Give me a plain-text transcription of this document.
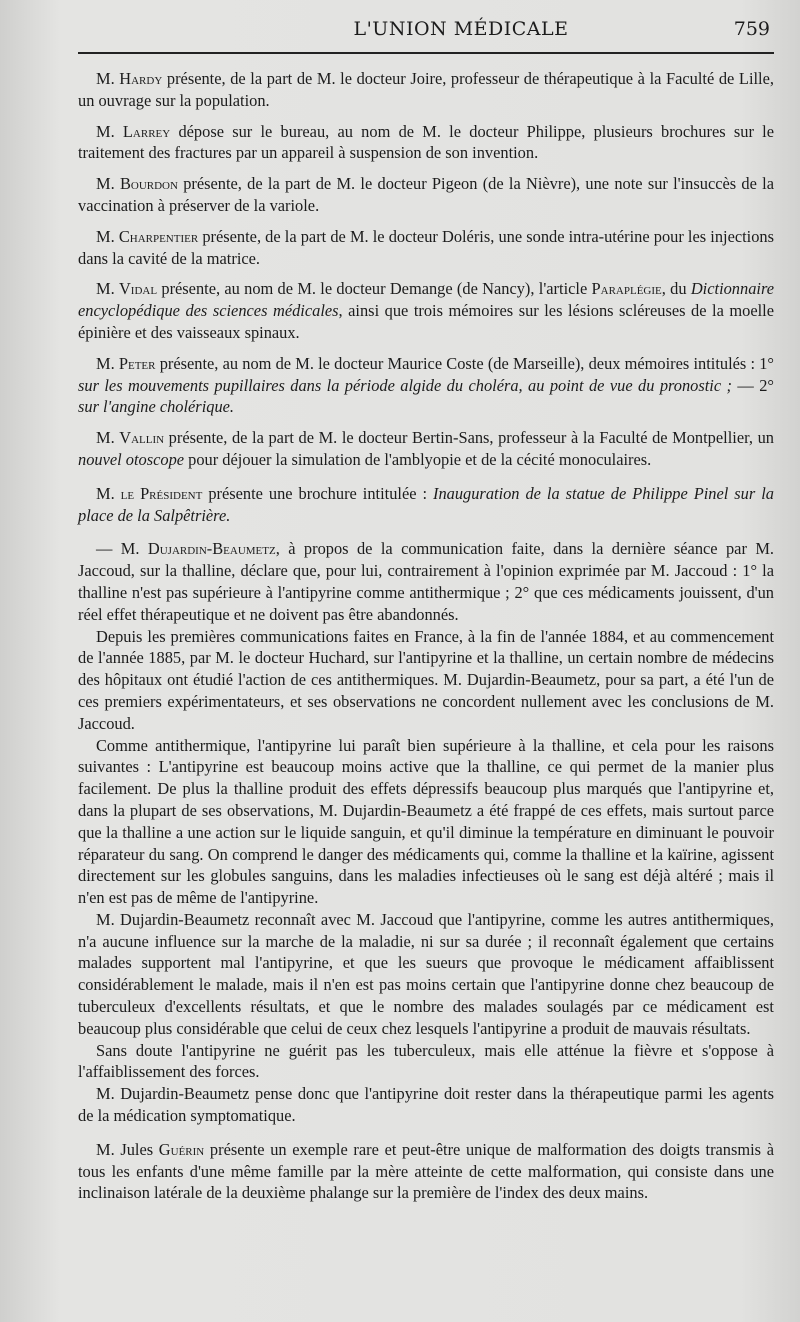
L'UNION MÉDICALE	759

M. Hardy présente, de la part de M. le docteur Joire, professeur de thérapeutique à la Faculté de Lille, un ouvrage sur la population.

M. Larrey dépose sur le bureau, au nom de M. le docteur Philippe, plusieurs brochures sur le traitement des fractures par un appareil à suspension de son invention.

M. Bourdon présente, de la part de M. le docteur Pigeon (de la Nièvre), une note sur l'insuccès de la vaccination à préserver de la variole.

M. Charpentier présente, de la part de M. le docteur Doléris, une sonde intra-utérine pour les injections dans la cavité de la matrice.

M. Vidal présente, au nom de M. le docteur Demange (de Nancy), l'article Paraplégie, du Dictionnaire encyclopédique des sciences médicales, ainsi que trois mémoires sur les lésions scléreuses de la moelle épinière et des vaisseaux spinaux.

M. Peter présente, au nom de M. le docteur Maurice Coste (de Marseille), deux mémoires intitulés : 1° sur les mouvements pupillaires dans la période algide du choléra, au point de vue du pronostic ; — 2° sur l'angine cholérique.

M. Vallin présente, de la part de M. le docteur Bertin-Sans, professeur à la Faculté de Montpellier, un nouvel otoscope pour déjouer la simulation de l'amblyopie et de la cécité monoculaires.

M. le Président présente une brochure intitulée : Inauguration de la statue de Philippe Pinel sur la place de la Salpêtrière.

— M. Dujardin-Beaumetz, à propos de la communication faite, dans la dernière séance par M. Jaccoud, sur la thalline, déclare que, pour lui, contrairement à l'opinion exprimée par M. Jaccoud : 1° la thalline n'est pas supérieure à l'antipyrine comme antithermique ; 2° que ces médicaments jouissent, d'un réel effet thérapeutique et ne doivent pas être abandonnés.

Depuis les premières communications faites en France, à la fin de l'année 1884, et au commencement de l'année 1885, par M. le docteur Huchard, sur l'antipyrine et la thalline, un certain nombre de médecins des hôpitaux ont étudié l'action de ces antithermiques. M. Dujardin-Beaumetz, pour sa part, a été l'un de ces premiers expérimentateurs, et ses observations ne concordent nullement avec les conclusions de M. Jaccoud.

Comme antithermique, l'antipyrine lui paraît bien supérieure à la thalline, et cela pour les raisons suivantes : L'antipyrine est beaucoup moins active que la thalline, ce qui permet de la manier plus facilement. De plus la thalline produit des effets dépressifs beaucoup plus marqués que l'antipyrine et, dans la plupart de ses observations, M. Dujardin-Beaumetz a été frappé de ces effets, mais surtout parce que la thalline a une action sur le liquide sanguin, et qu'il diminue la température en diminuant le pouvoir réparateur du sang. On comprend le danger des médicaments qui, comme la thalline et la kaïrine, agissent directement sur les globules sanguins, dans les maladies infectieuses où le sang est déjà altéré ; mais il n'en est pas de même de l'antipyrine.

M. Dujardin-Beaumetz reconnaît avec M. Jaccoud que l'antipyrine, comme les autres antithermiques, n'a aucune influence sur la marche de la maladie, ni sur sa durée ; il reconnaît également que certains malades supportent mal l'antipyrine, et que les sueurs que provoque le médicament affaiblissent considérablement le malade, mais il n'en est pas moins certain que l'antipyrine donne chez beaucoup de tuberculeux d'excellents résultats, et que le nombre des malades soulagés par ce médicament est beaucoup plus considérable que celui de ceux chez lesquels l'antipyrine a produit de mauvais résultats.

Sans doute l'antipyrine ne guérit pas les tuberculeux, mais elle atténue la fièvre et s'oppose à l'affaiblissement des forces.

M. Dujardin-Beaumetz pense donc que l'antipyrine doit rester dans la thérapeutique parmi les agents de la médication symptomatique.

M. Jules Guérin présente un exemple rare et peut-être unique de malformation des doigts transmis à tous les enfants d'une même famille par la mère atteinte de cette malformation, qui consiste dans une inclinaison latérale de la deuxième phalange sur la première de l'index des deux mains.
